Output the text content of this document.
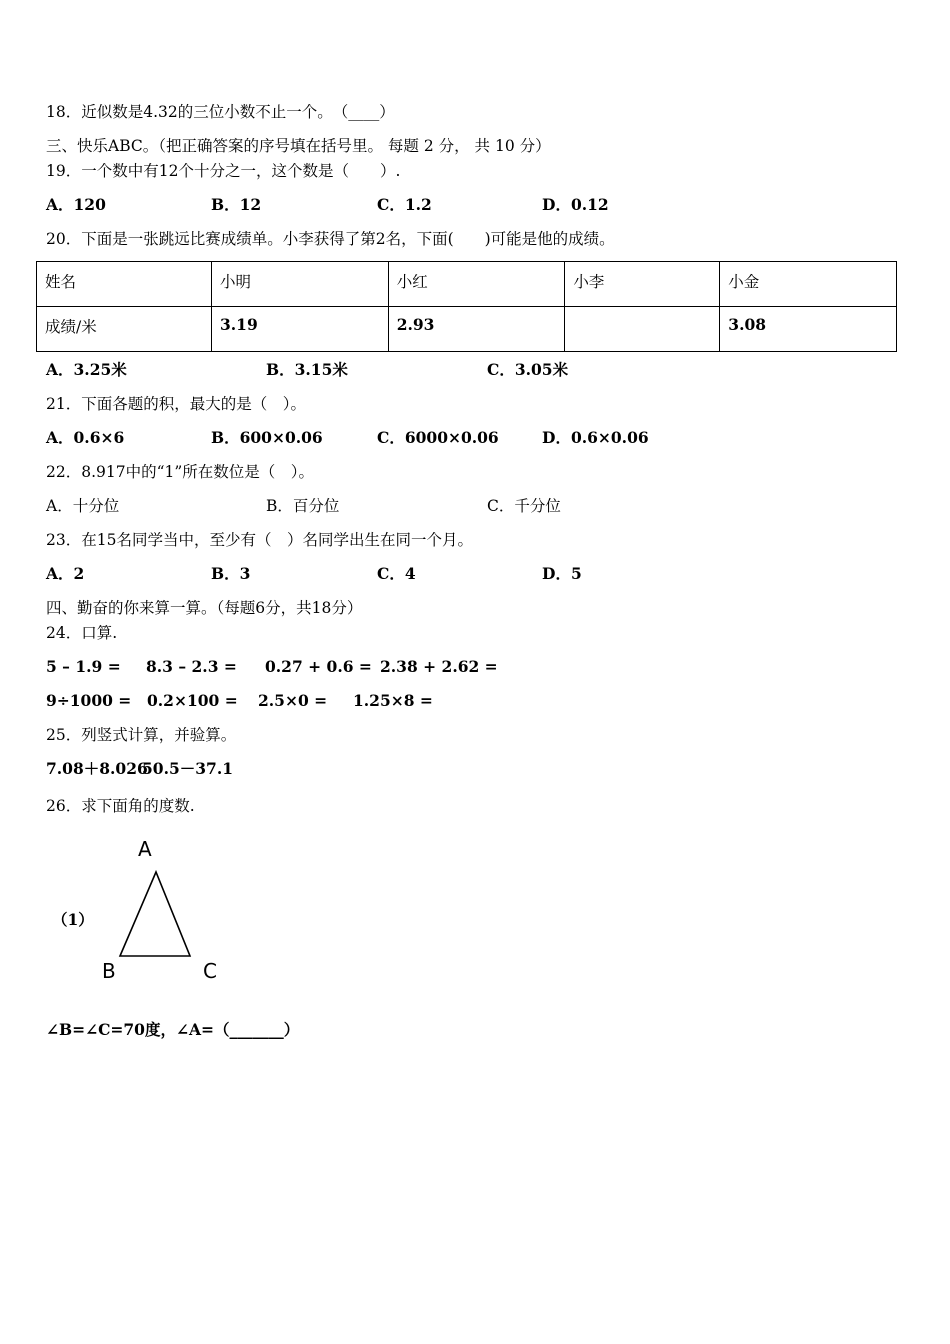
18．近似数是4.32的三位小数不止一个。　（____）
三、快乐ABC。（把正确答案的序号填在括号里。 每题 2 分， 共 10 分）
19．一个数中有12个十分之一，这个数是（　　）.
A．120	B．12	C．1.2	D．0.12
20．下面是一张跳远比赛成绩单。小李获得了第2名，下面(　　)可能是他的成绩。
姓名	小明	小红	小李	小金
成绩/米	3.19	2.93		3.08
A．3.25米	B．3.15米	C．3.05米
21．下面各题的积，最大的是（　）。
A．0.6×6	B．600×0.06	C．6000×0.06	D．0.6×0.06
22．8.917中的“1”所在数位是（　）。
A．十分位	B．百分位	C．千分位
23．在15名同学当中，至少有（　）名同学出生在同一个月。
A．2	B．3	C．4	D．5
四、勤奋的你来算一算。（每题6分，共18分）
24．口算.
5 – 1.9 = 8.3 – 2.3 = 0.27 + 0.6 = 2.38 + 2.62 =
9÷1000 = 0.2×100 = 2.5×0 = 1.25×8 =
25．列竖式计算，并验算。
7.08＋8.026
50.5－37.1
26．求下面角的度数.
（1）
A
B	C
∠B=∠C=70度，∠A=（_______）
